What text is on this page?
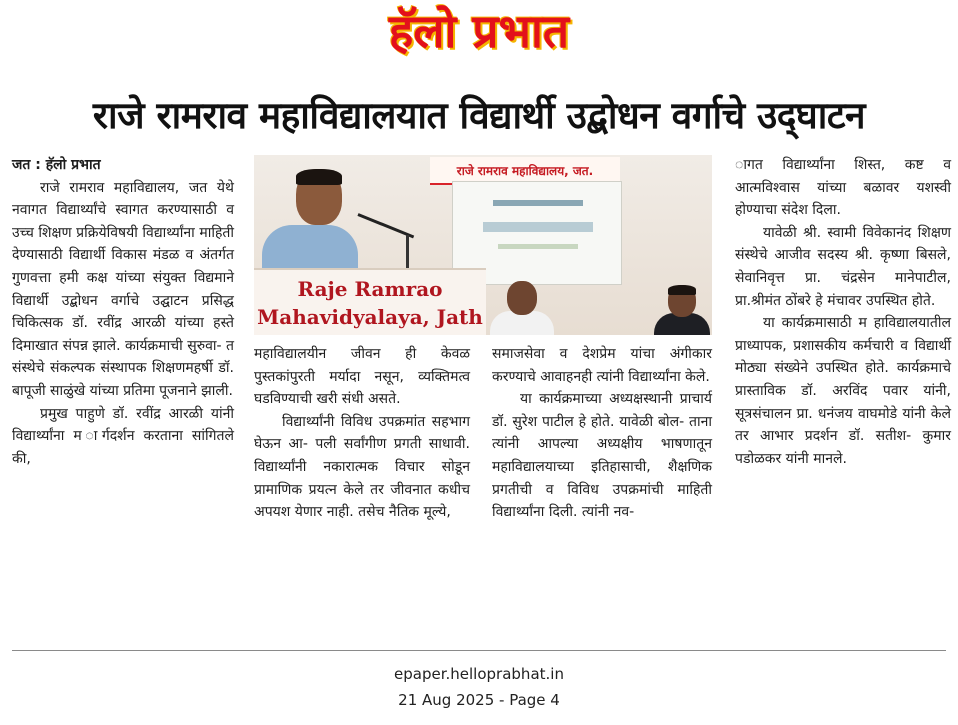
हॅलो प्रभात
राजे रामराव महाविद्यालयात विद्यार्थी उद्बोधन वर्गाचे उद्‌घाटन

जत : हॅलो प्रभात

राजे रामराव महाविद्यालय, जत येथे नवागत विद्यार्थ्यांचे स्वागत करण्यासाठी व उच्च शिक्षण प्रक्रियेविषयी विद्यार्थ्यांना माहिती देण्यासाठी विद्यार्थी विकास मंडळ व अंतर्गत गुणवत्ता हमी कक्ष यांच्या संयुक्त विद्यमाने विद्यार्थी उद्बोधन वर्गाचे उद्घाटन प्रसिद्ध चिकित्सक डॉ. रवींद्र आरळी यांच्या हस्ते दिमाखात संपन्न झाले. कार्यक्रमाची सुरुवा- त संस्थेचे संकल्पक संस्थापक शिक्षणमहर्षी डॉ. बापूजी साळुंखे यांच्या प्रतिमा पूजनाने झाली.

प्रमुख पाहुणे डॉ. रवींद्र आरळी यांनी विद्यार्थ्यांना म ार्गदर्शन करताना सांगितले की,

राजे रामराव महाविद्यालय, जत.
Raje Ramrao
Mahavidyalaya, Jath

महाविद्यालयीन जीवन ही केवळ पुस्तकांपुरती मर्यादा नसून, व्यक्तिमत्व घडविण्याची खरी संधी असते.

विद्यार्थ्यांनी विविध उपक्रमांत सहभाग घेऊन आ- पली सर्वांगीण प्रगती साधावी. विद्यार्थ्यांनी नकारात्मक विचार सोडून प्रामाणिक प्रयत्न केले तर जीवनात कधीच अपयश येणार नाही. तसेच नैतिक मूल्ये,

समाजसेवा व देशप्रेम यांचा अंगीकार करण्याचे आवाहनही त्यांनी विद्यार्थ्यांना केले.

या कार्यक्रमाच्या अध्यक्षस्थानी प्राचार्य डॉ. सुरेश पाटील हे होते. यावेळी बोल- ताना त्यांनी आपल्या अध्यक्षीय भाषणातून महाविद्यालयाच्या इतिहासाची, शैक्षणिक प्रगतीची व विविध उपक्रमांची माहिती विद्यार्थ्यांना दिली. त्यांनी नव-

ागत विद्यार्थ्यांना शिस्त, कष्ट व आत्मविश्वास यांच्या बळावर यशस्वी होण्याचा संदेश दिला.

यावेळी श्री. स्वामी विवेकानंद शिक्षण संस्थेचे आजीव सदस्य श्री. कृष्णा बिसले, सेवानिवृत्त प्रा. चंद्रसेन मानेपाटील, प्रा.श्रीमंत ठोंबरे हे मंचावर उपस्थित होते.

या कार्यक्रमासाठी म हाविद्यालयातील प्राध्यापक, प्रशासकीय कर्मचारी व विद्यार्थी मोठ्या संख्येने उपस्थित होते. कार्यक्रमाचे प्रास्ताविक डॉ. अरविंद पवार यांनी, सूत्रसंचालन प्रा. धनंजय वाघमोडे यांनी केले तर आभार प्रदर्शन डॉ. सतीश- कुमार पडोळकर यांनी मानले.

epaper.helloprabhat.in
21 Aug 2025 - Page 4
